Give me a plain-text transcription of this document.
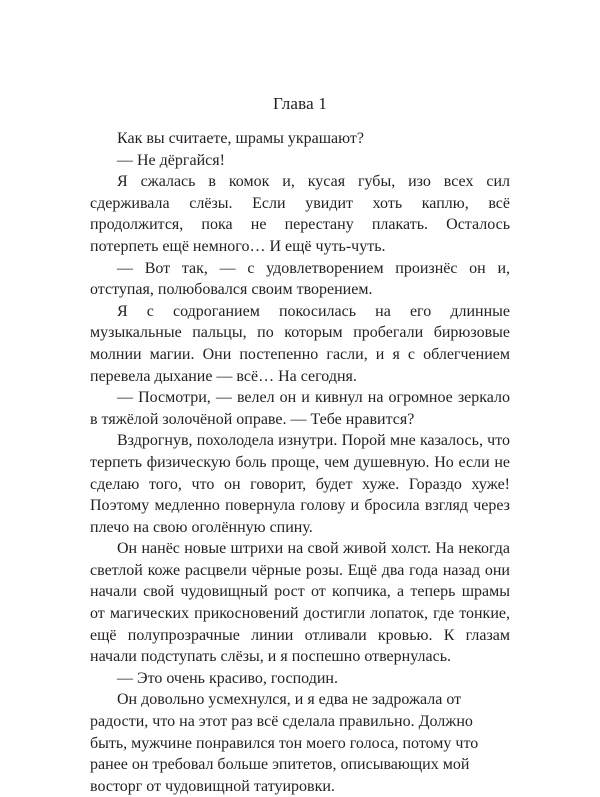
Глава 1

Как вы считаете, шрамы украшают?

— Не дёргайся!

Я сжалась в комок и, кусая губы, изо всех сил сдерживала слёзы. Если увидит хоть каплю, всё продолжится, пока не перестану плакать. Осталось потерпеть ещё немного… И ещё чуть-чуть.

— Вот так, — с удовлетворением произнёс он и, отступая, полюбовался своим творением.

Я с содроганием покосилась на его длинные музыкальные пальцы, по которым пробегали бирюзовые молнии магии. Они постепенно гасли, и я с облегчением перевела дыхание — всё… На сегодня.

— Посмотри, — велел он и кивнул на огромное зеркало в тяжёлой золочёной оправе. — Тебе нравится?

Вздрогнув, похолодела изнутри. Порой мне казалось, что терпеть физическую боль проще, чем душевную. Но если не сделаю того, что он говорит, будет хуже. Гораздо хуже! Поэтому медленно повернула голову и бросила взгляд через плечо на свою оголённую спину.

Он нанёс новые штрихи на свой живой холст. На некогда светлой коже расцвели чёрные розы. Ещё два года назад они начали свой чудовищный рост от копчика, а теперь шрамы от магических прикосновений достигли лопаток, где тонкие, ещё полупрозрачные линии отливали кровью. К глазам начали подступать слёзы, и я поспешно отвернулась.

— Это очень красиво, господин.

Он довольно усмехнулся, и я едва не задрожала от радости, что на этот раз всё сделала правильно. Должно быть, мужчине понравился тон моего голоса, потому что ранее он требовал больше эпитетов, описывающих мой восторг от чудовищной татуировки.
